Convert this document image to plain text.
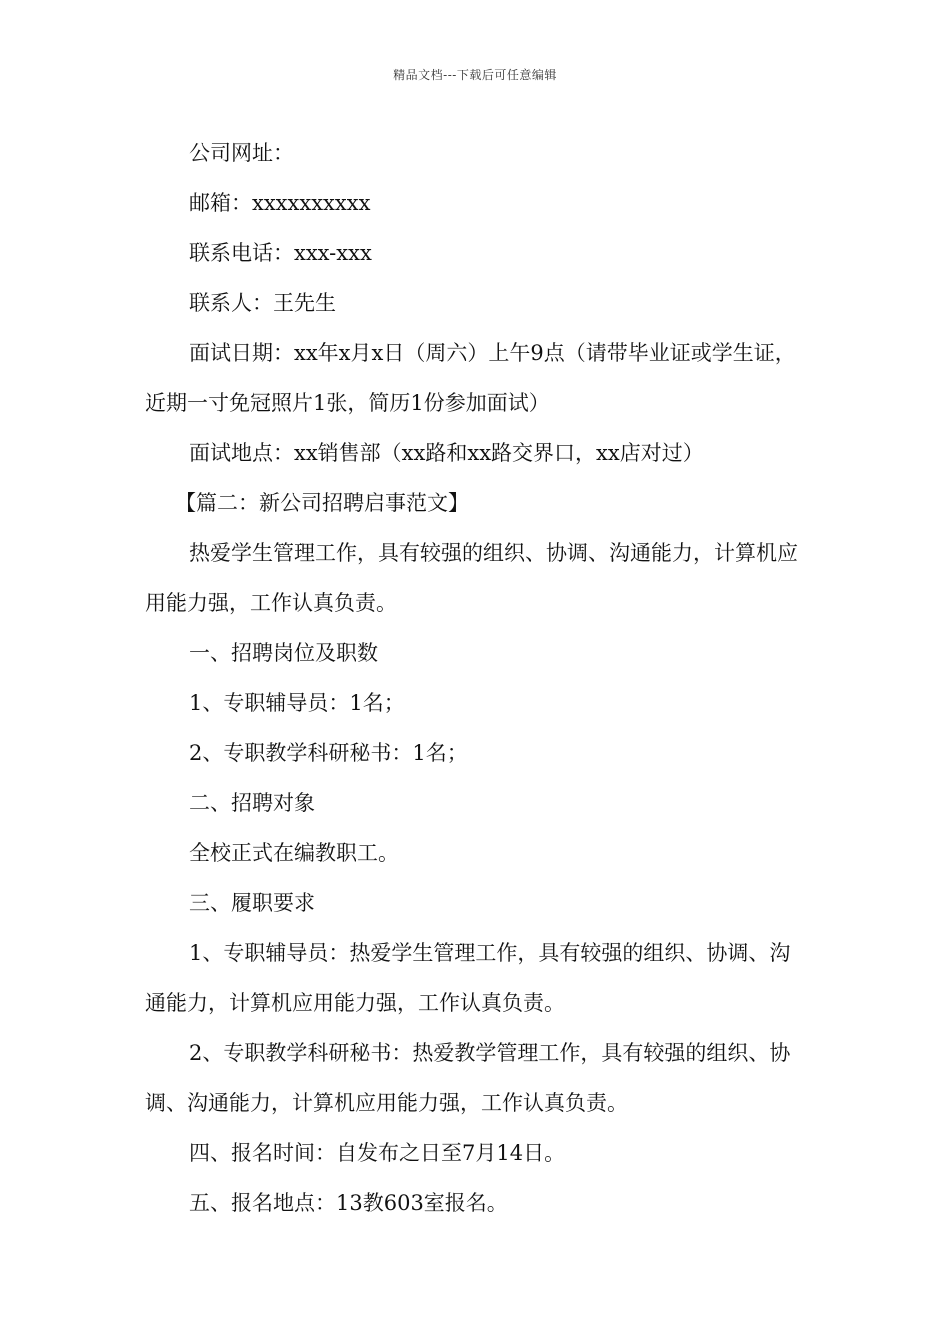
精品文档---下载后可任意编辑

公司网址：

邮箱：xxxxxxxxxx

联系电话：xxx-xxx

联系人：王先生

面试日期：xx年x月x日（周六）上午9点（请带毕业证或学生证，近期一寸免冠照片1张，简历1份参加面试）

面试地点：xx销售部（xx路和xx路交界口，xx店对过）

【篇二：新公司招聘启事范文】

热爱学生管理工作，具有较强的组织、协调、沟通能力，计算机应用能力强，工作认真负责。

一、招聘岗位及职数

1、专职辅导员：1名；

2、专职教学科研秘书：1名；

二、招聘对象

全校正式在编教职工。

三、履职要求

1、专职辅导员：热爱学生管理工作，具有较强的组织、协调、沟通能力，计算机应用能力强，工作认真负责。

2、专职教学科研秘书：热爱教学管理工作，具有较强的组织、协调、沟通能力，计算机应用能力强，工作认真负责。

四、报名时间：自发布之日至7月14日。

五、报名地点：13教603室报名。
